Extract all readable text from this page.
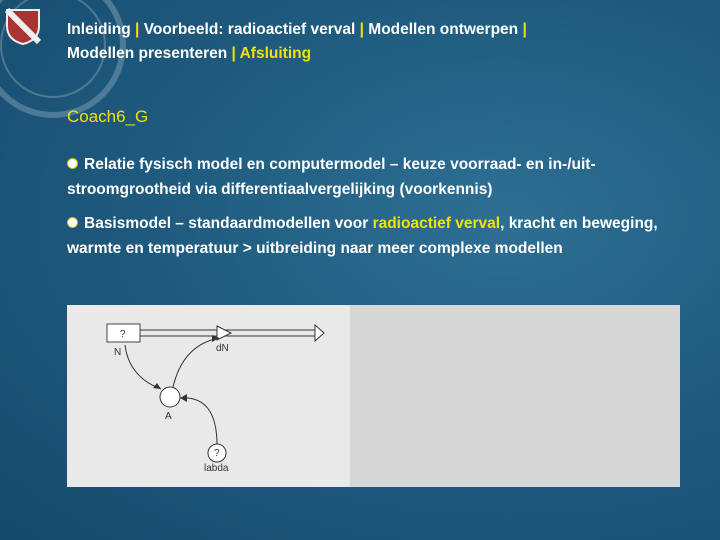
Inleiding | Voorbeeld: radioactief verval | Modellen ontwerpen |
Modellen presenteren | Afsluiting
Coach6_G
Relatie fysisch model en computermodel – keuze voorraad- en in-/uit-stroomgrootheid via differentiaalvergelijking (voorkennis)
Basismodel – standaardmodellen voor radioactief verval, kracht en beweging, warmte en temperatuur > uitbreiding naar meer complexe modellen
?
N	dN
A
?
labda
